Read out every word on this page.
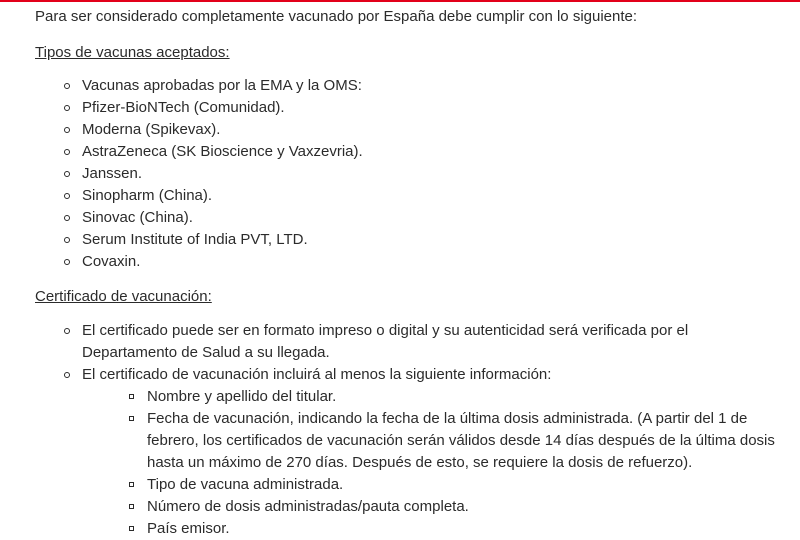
Para ser considerado completamente vacunado por España debe cumplir con lo siguiente:

Tipos de vacunas aceptados:

Vacunas aprobadas por la EMA y la OMS:
Pfizer-BioNTech (Comunidad).
Moderna (Spikevax).
AstraZeneca (SK Bioscience y Vaxzevria).
Janssen.
Sinopharm (China).
Sinovac (China).
Serum Institute of India PVT, LTD.
Covaxin.

Certificado de vacunación:

El certificado puede ser en formato impreso o digital y su autenticidad será verificada por el Departamento de Salud a su llegada.
El certificado de vacunación incluirá al menos la siguiente información:
Nombre y apellido del titular.
Fecha de vacunación, indicando la fecha de la última dosis administrada. (A partir del 1 de febrero, los certificados de vacunación serán válidos desde 14 días después de la última dosis hasta un máximo de 270 días. Después de esto, se requiere la dosis de refuerzo).
Tipo de vacuna administrada.
Número de dosis administradas/pauta completa.
País emisor.
